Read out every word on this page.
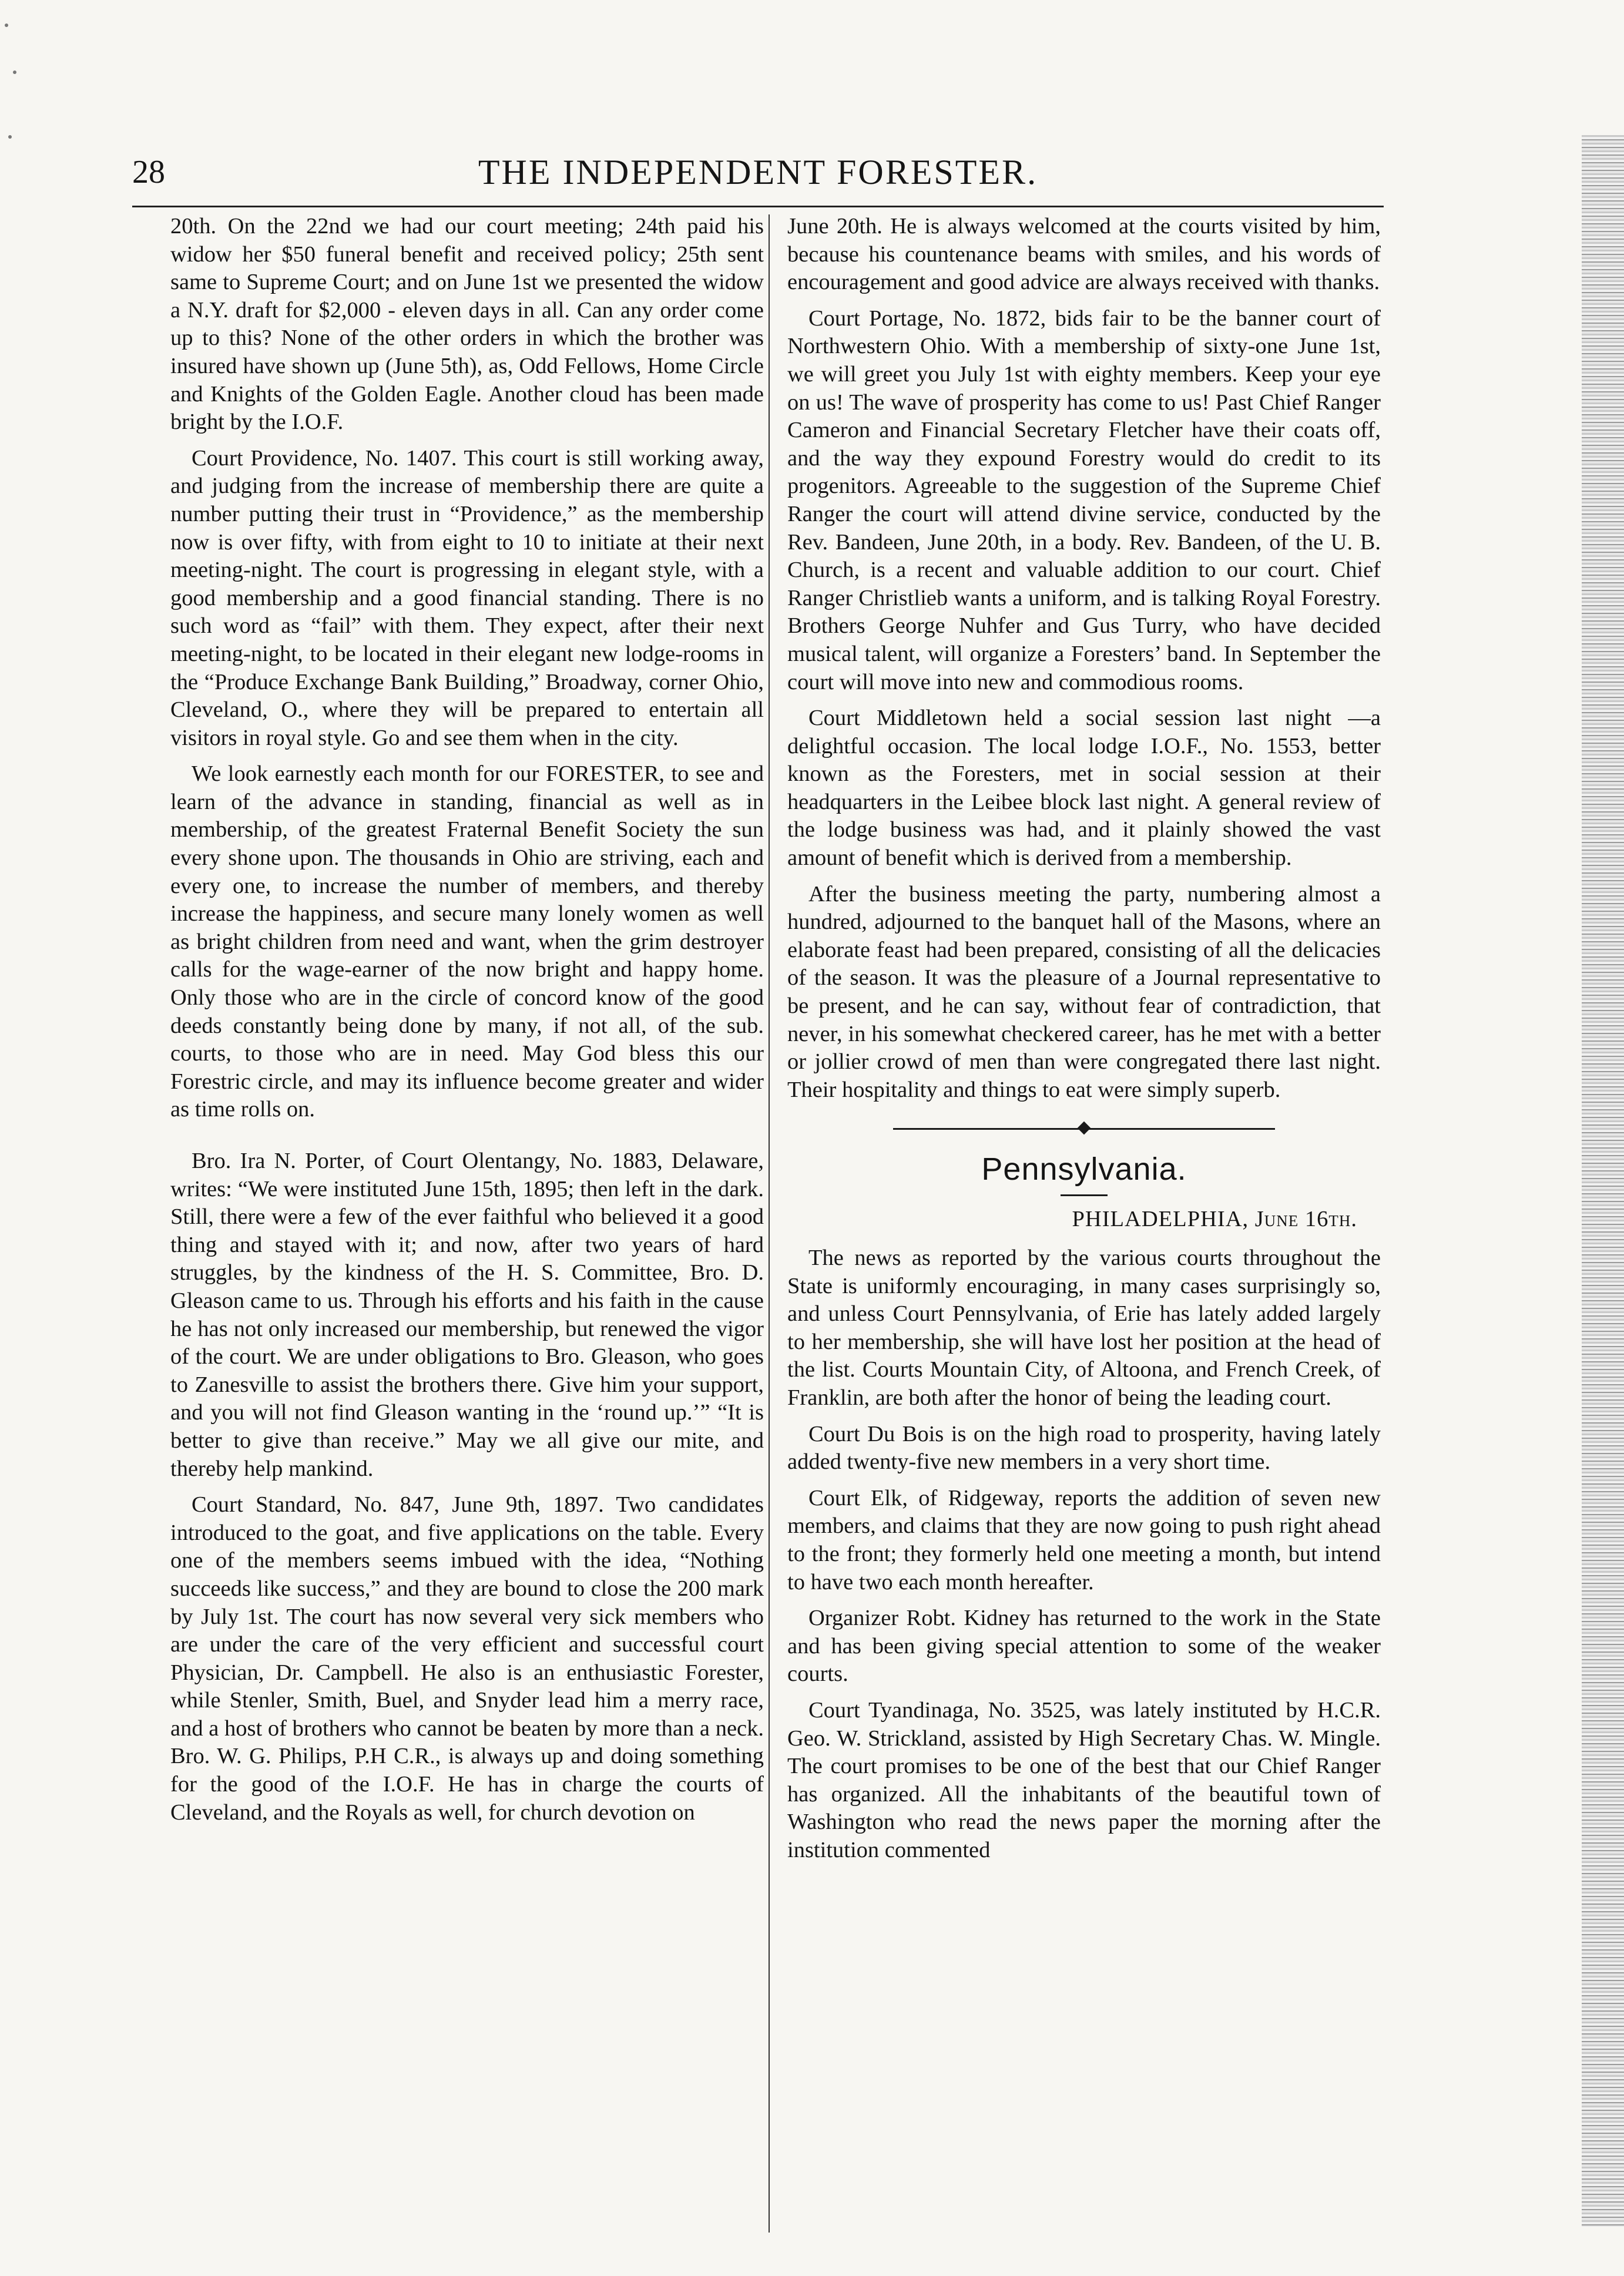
28	THE INDEPENDENT FORESTER.

20th. On the 22nd we had our court meeting; 24th paid his widow her $50 funeral benefit and received policy; 25th sent same to Supreme Court; and on June 1st we presented the widow a N.Y. draft for $2,000 - eleven days in all. Can any order come up to this? None of the other orders in which the brother was insured have shown up (June 5th), as, Odd Fellows, Home Circle and Knights of the Golden Eagle. Another cloud has been made bright by the I.O.F.

Court Providence, No. 1407. This court is still working away, and judging from the increase of membership there are quite a number putting their trust in “Providence,” as the membership now is over fifty, with from eight to 10 to initiate at their next meeting-night. The court is progressing in elegant style, with a good membership and a good financial standing. There is no such word as “fail” with them. They expect, after their next meeting-night, to be located in their elegant new lodge-rooms in the “Produce Exchange Bank Building,” Broadway, corner Ohio, Cleveland, O., where they will be prepared to entertain all visitors in royal style. Go and see them when in the city.

We look earnestly each month for our FORESTER, to see and learn of the advance in standing, financial as well as in membership, of the greatest Fraternal Benefit Society the sun every shone upon. The thousands in Ohio are striving, each and every one, to increase the number of members, and thereby increase the happiness, and secure many lonely women as well as bright children from need and want, when the grim destroyer calls for the wage-earner of the now bright and happy home. Only those who are in the circle of concord know of the good deeds constantly being done by many, if not all, of the sub. courts, to those who are in need. May God bless this our Forestric circle, and may its influence become greater and wider as time rolls on.

Bro. Ira N. Porter, of Court Olentangy, No. 1883, Delaware, writes: “We were instituted June 15th, 1895; then left in the dark. Still, there were a few of the ever faithful who believed it a good thing and stayed with it; and now, after two years of hard struggles, by the kindness of the H. S. Committee, Bro. D. Gleason came to us. Through his efforts and his faith in the cause he has not only increased our membership, but renewed the vigor of the court. We are under obligations to Bro. Gleason, who goes to Zanesville to assist the brothers there. Give him your support, and you will not find Gleason wanting in the ‘round up.’” “It is better to give than receive.” May we all give our mite, and thereby help mankind.

Court Standard, No. 847, June 9th, 1897. Two candidates introduced to the goat, and five applications on the table. Every one of the members seems imbued with the idea, “Nothing succeeds like success,” and they are bound to close the 200 mark by July 1st. The court has now several very sick members who are under the care of the very efficient and successful court Physician, Dr. Campbell. He also is an enthusiastic Forester, while Stenler, Smith, Buel, and Snyder lead him a merry race, and a host of brothers who cannot be beaten by more than a neck. Bro. W. G. Philips, P.H C.R., is always up and doing something for the good of the I.O.F. He has in charge the courts of Cleveland, and the Royals as well, for church devotion on

June 20th. He is always welcomed at the courts visited by him, because his countenance beams with smiles, and his words of encouragement and good advice are always received with thanks.

Court Portage, No. 1872, bids fair to be the banner court of Northwestern Ohio. With a membership of sixty-one June 1st, we will greet you July 1st with eighty members. Keep your eye on us! The wave of prosperity has come to us! Past Chief Ranger Cameron and Financial Secretary Fletcher have their coats off, and the way they expound Forestry would do credit to its progenitors. Agreeable to the suggestion of the Supreme Chief Ranger the court will attend divine service, conducted by the Rev. Bandeen, June 20th, in a body. Rev. Bandeen, of the U. B. Church, is a recent and valuable addition to our court. Chief Ranger Christlieb wants a uniform, and is talking Royal Forestry. Brothers George Nuhfer and Gus Turry, who have decided musical talent, will organize a Foresters’ band. In September the court will move into new and commodious rooms.

Court Middletown held a social session last night —a delightful occasion. The local lodge I.O.F., No. 1553, better known as the Foresters, met in social session at their headquarters in the Leibee block last night. A general review of the lodge business was had, and it plainly showed the vast amount of benefit which is derived from a membership.

After the business meeting the party, numbering almost a hundred, adjourned to the banquet hall of the Masons, where an elaborate feast had been prepared, consisting of all the delicacies of the season. It was the pleasure of a Journal representative to be present, and he can say, without fear of contradiction, that never, in his somewhat checkered career, has he met with a better or jollier crowd of men than were congregated there last night. Their hospitality and things to eat were simply superb.

Pennsylvania.

PHILADELPHIA, June 16th.

The news as reported by the various courts throughout the State is uniformly encouraging, in many cases surprisingly so, and unless Court Pennsylvania, of Erie has lately added largely to her membership, she will have lost her position at the head of the list. Courts Mountain City, of Altoona, and French Creek, of Franklin, are both after the honor of being the leading court.

Court Du Bois is on the high road to prosperity, having lately added twenty-five new members in a very short time.

Court Elk, of Ridgeway, reports the addition of seven new members, and claims that they are now going to push right ahead to the front; they formerly held one meeting a month, but intend to have two each month hereafter.

Organizer Robt. Kidney has returned to the work in the State and has been giving special attention to some of the weaker courts.

Court Tyandinaga, No. 3525, was lately instituted by H.C.R. Geo. W. Strickland, assisted by High Secretary Chas. W. Mingle. The court promises to be one of the best that our Chief Ranger has organized. All the inhabitants of the beautiful town of Washington who read the news paper the morning after the institution commented
